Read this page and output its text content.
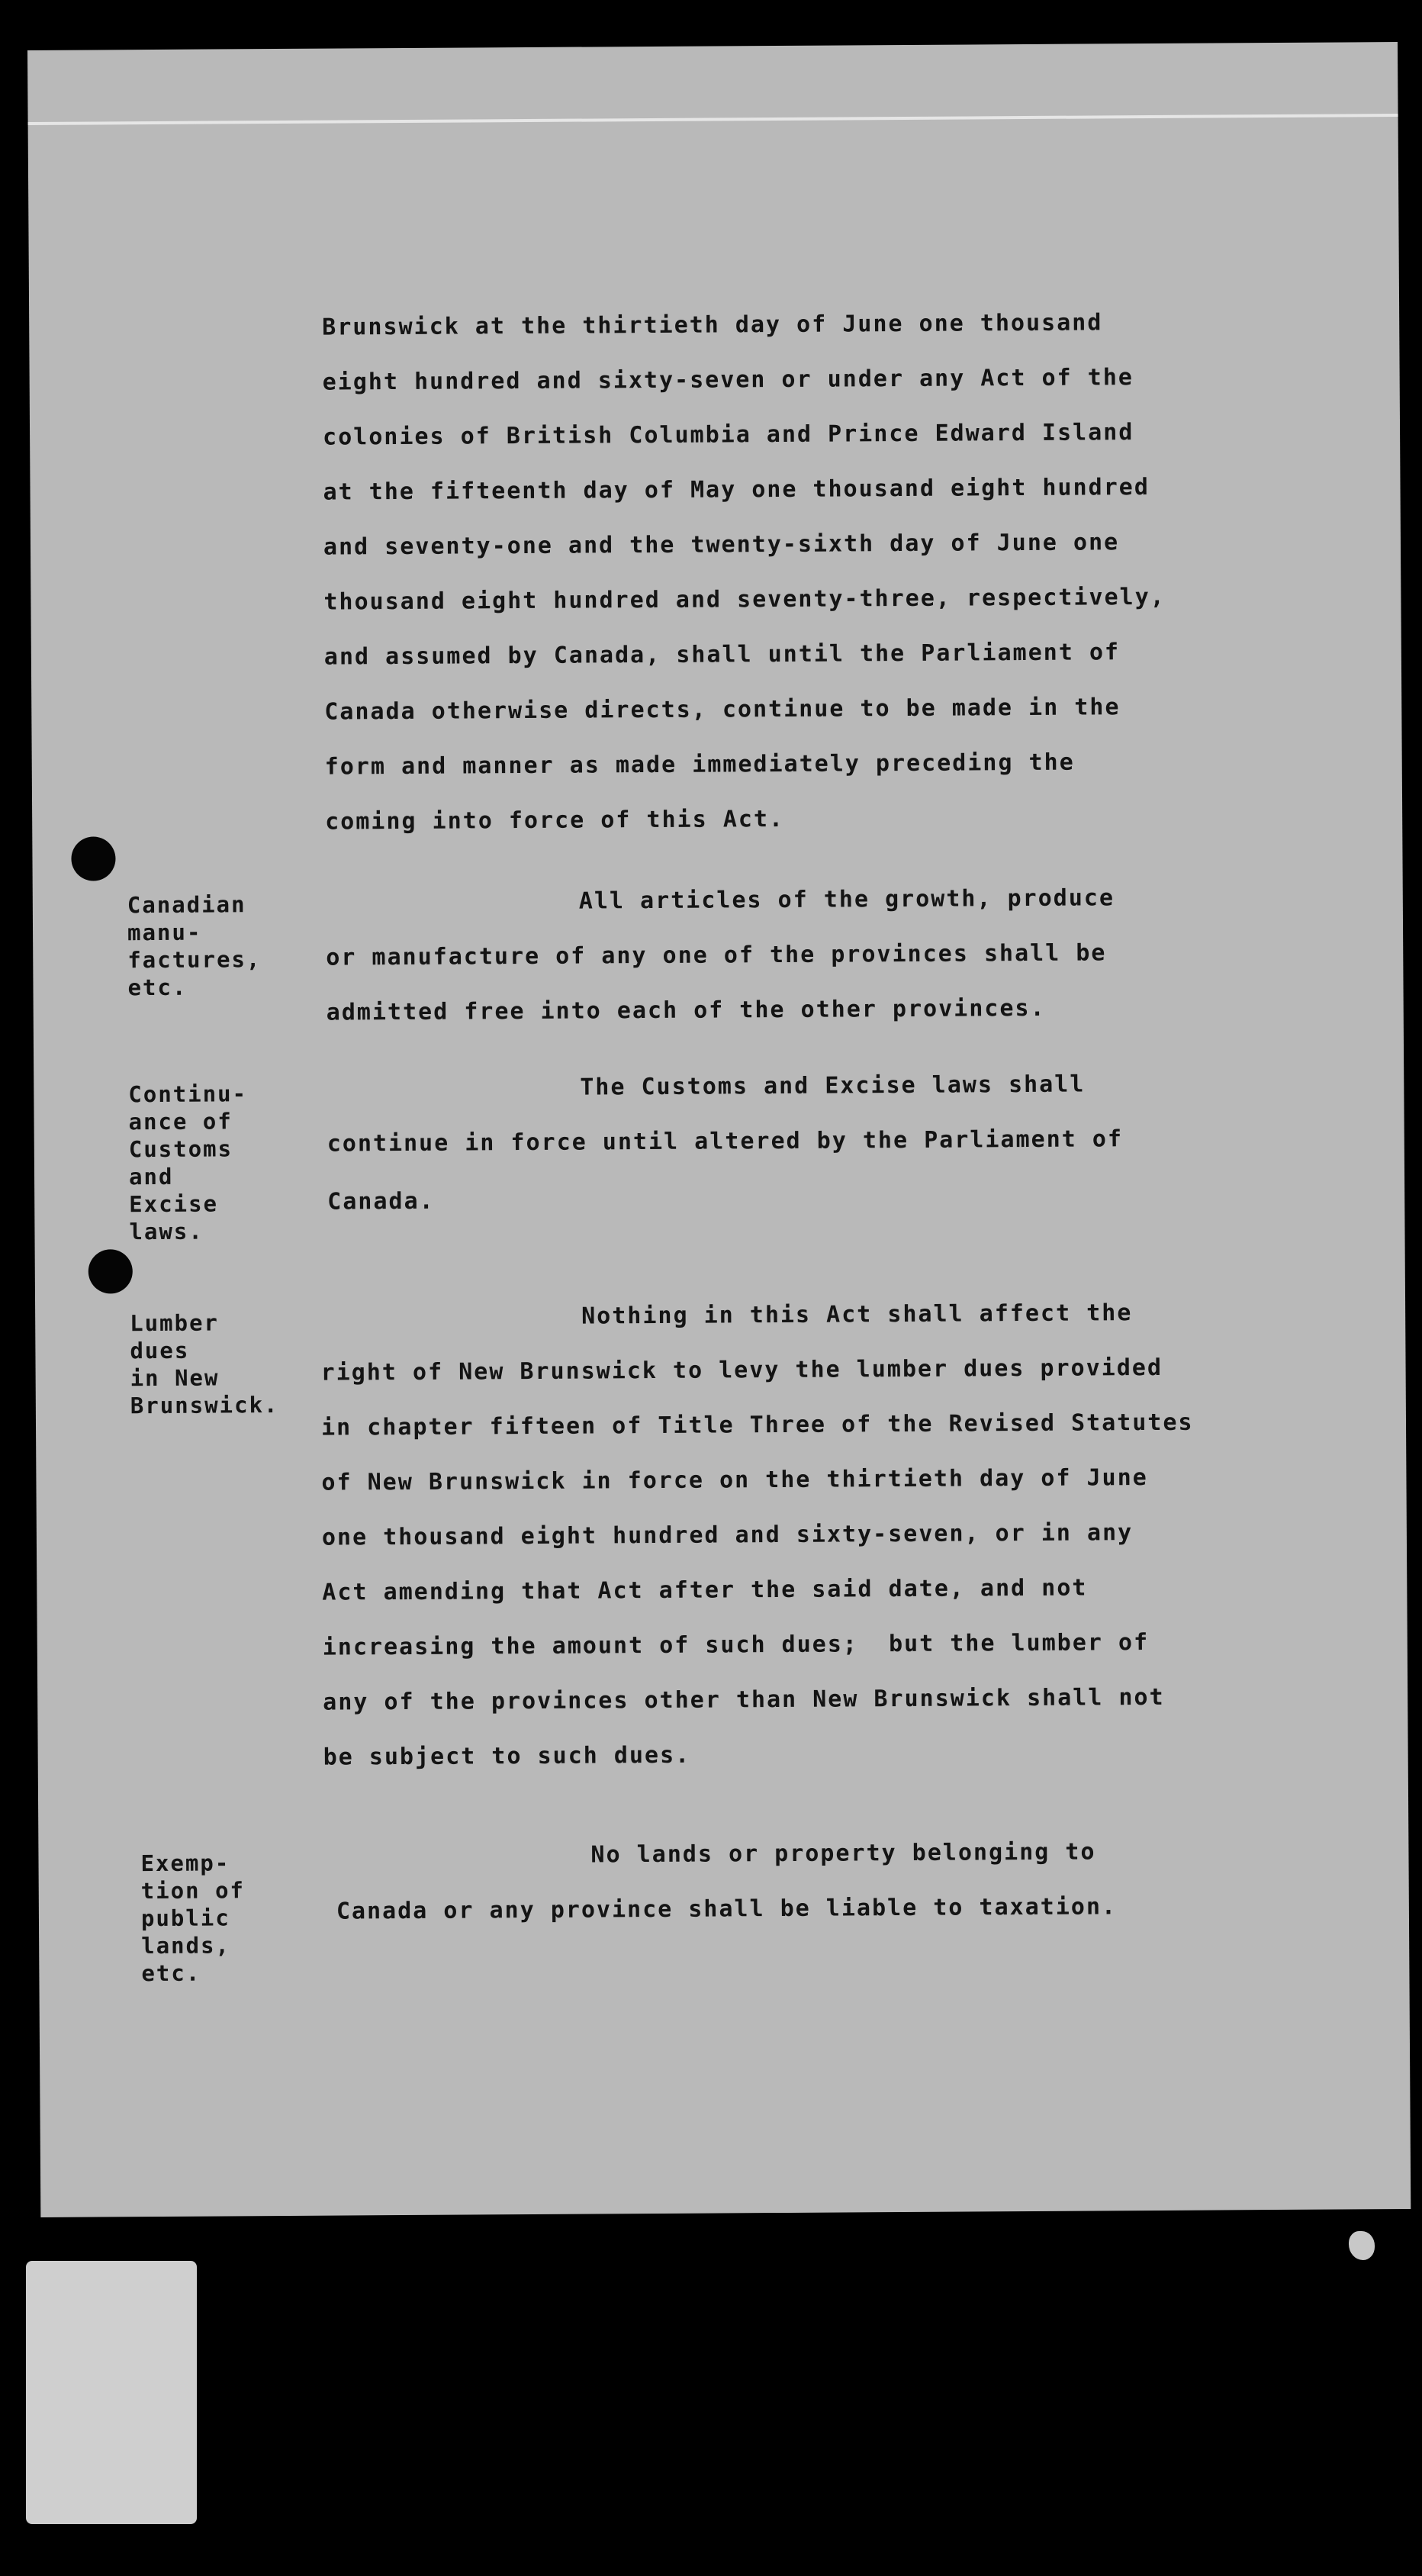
Brunswick at the thirtieth day of June one thousand

eight hundred and sixty-seven or under any Act of the

colonies of British Columbia and Prince Edward Island

at the fifteenth day of May one thousand eight hundred

and seventy-one and the twenty-sixth day of June one

thousand eight hundred and seventy-three, respectively,

and assumed by Canada, shall until the Parliament of

Canada otherwise directs, continue to be made in the

form and manner as made immediately preceding the

coming into force of this Act.

Canadian

manu-

factures,

etc.

All articles of the growth, produce

or manufacture of any one of the provinces shall be

admitted free into each of the other provinces.

Continu-

ance of

Customs

and

Excise

laws.

The Customs and Excise laws shall

continue in force until altered by the Parliament of

Canada.

Lumber

dues

in New

Brunswick.

Nothing in this Act shall affect the

right of New Brunswick to levy the lumber dues provided

in chapter fifteen of Title Three of the Revised Statutes

of New Brunswick in force on the thirtieth day of June

one thousand eight hundred and sixty-seven, or in any

Act amending that Act after the said date, and not

increasing the amount of such dues;  but the lumber of

any of the provinces other than New Brunswick shall not

be subject to such dues.

Exemp-

tion of

public

lands,

etc.

No lands or property belonging to

Canada or any province shall be liable to taxation.
